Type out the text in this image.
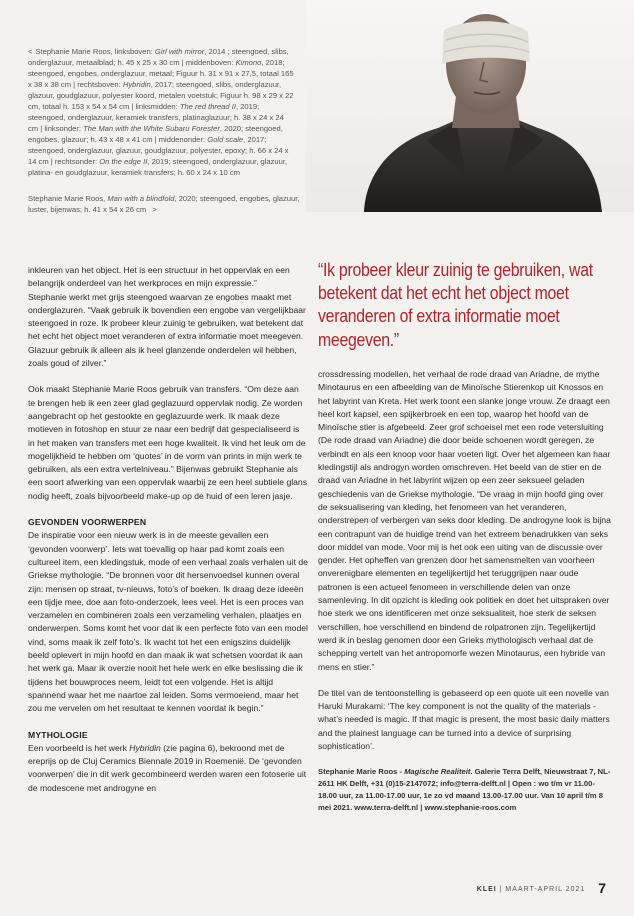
< Stephanie Marie Roos, linksboven: Girl with mirror, 2014 ; steengoed, slibs, onderglazuur, metaalblad; h. 45 x 25 x 30 cm | middenboven: Kimono, 2018; steengoed, engobes, onderglazuur, metaal; Figuur h. 31 x 91 x 27,5, totaal 165 x 38 x 38 cm | rechtsboven: Hybridin, 2017; steengoed, slibs, onderglazuur, glazuur, goudglazuur, polyester koord, metalen voetstuk; Figuur h. 98 x 29 x 22 cm, totaal h. 153 x 54 x 54 cm | linksmidden: The red thread II, 2019; steengoed, onderglazuur, keramiek transfers, platinaglazuur; h. 38 x 24 x 24 cm | linksonder: The Man with the White Subaru Forester, 2020; steengoed, engobes, glazuur; h. 43 x 48 x 41 cm | middenonder: Gold scale, 2017; steengoed, onderglazuur, glazuur, goudglazuur, polyester, epoxy; h. 66 x 24 x 14 cm | rechtsonder: On the edge II, 2019; steengoed, onderglazuur, glazuur, platina- en goudglazuur, keramiek transfers; h. 60 x 24 x 10 cm
Stephanie Marie Roos, Man with a blindfold, 2020; steengoed, engobes, glazuur, luster, bijenwas; h. 41 x 54 x 26 cm >

inkleuren van het object. Het is een structuur in het oppervlak en een belangrijk onderdeel van het werkproces en mijn expressie.”

Stephanie werkt met grijs steengoed waarvan ze engobes maakt met onderglazuren. “Vaak gebruik ik bovendien een engobe van vergelijkbaar steengoed in roze. Ik probeer kleur zuinig te gebruiken, wat betekent dat het echt het object moet veranderen of extra informatie moet meegeven. Glazuur gebruik ik alleen als ik heel glanzende onderdelen wil hebben, zoals goud of zilver.”

Ook maakt Stephanie Marie Roos gebruik van transfers. “Om deze aan te brengen heb ik een zeer glad geglazuurd oppervlak nodig. Ze worden aangebracht op het gestookte en geglazuurde werk. Ik maak deze motieven in fotoshop en stuur ze naar een bedrijf dat gespecialiseerd is in het maken van transfers met een hoge kwaliteit. Ik vind het leuk om de mogelijkheid te hebben om ‘quotes’ in de vorm van prints in mijn werk te gebruiken, als een extra vertelniveau.” Bijenwas gebruikt Stephanie als een soort afwerking van een oppervlak waarbij ze een heel subtiele glans nodig heeft, zoals bijvoorbeeld make-up op de huid of een leren jasje.

GEVONDEN VOORWERPEN

De inspiratie voor een nieuw werk is in de meeste gevallen een ‘gevonden voorwerp’. Iets wat toevallig op haar pad komt zoals een cultureel item, een kledingstuk, mode of een verhaal zoals verhalen uit de Griekse mythologie. “De bronnen voor dit hersenvoedsel kunnen overal zijn: mensen op straat, tv-nieuws, foto’s of boeken. Ik draag deze ideeën een tijdje mee, doe aan foto-onderzoek, lees veel. Het is een proces van verzamelen en combineren zoals een verzameling verhalen, plaatjes en onderwerpen. Soms komt het voor dat ik een perfecte foto van een model vind, soms maak ik zelf foto’s. Ik wacht tot het een enigszins duidelijk beeld oplevert in mijn hoofd en dan maak ik wat schetsen voordat ik aan het werk ga. Maar ik overzie nooit het hele werk en elke beslissing die ik tijdens het bouwproces neem, leidt tot een volgende. Het is altijd spannend waar het me naartoe zal leiden. Soms vermoeiend, maar het zou me vervelen om het resultaat te kennen voordat ik begin.”

MYTHOLOGIE

Een voorbeeld is het werk Hybridin (zie pagina 6), bekroond met de ereprijs op de Cluj Ceramics Biennale 2019 in Roemenië. De ‘gevonden voorwerpen’ die in dit werk gecombineerd werden waren een fotoserie uit de modescene met androgyne en

“Ik probeer kleur zuinig te gebruiken, wat betekent dat het echt het object moet veranderen of extra informatie moet meegeven.”

crossdressing modellen, het verhaal de rode draad van Ariadne, de mythe Minotaurus en een afbeelding van de Minoïsche Stierenkop uit Knossos en het labyrint van Kreta. Het werk toont een slanke jonge vrouw. Ze draagt een heel kort kapsel, een spijkerbroek en een top, waarop het hoofd van de Minoïsche stier is afgebeeld. Zeer grof schoeisel met een rode vetersluiting (De rode draad van Ariadne) die door beide schoenen wordt geregen, ze verbindt en als een knoop voor haar voeten ligt. Over het algemeen kan haar kledingstijl als androgyn worden omschreven. Het beeld van de stier en de draad van Ariadne in het labyrint wijzen op een zeer seksueel geladen geschiedenis van de Griekse mythologie. “De vraag in mijn hoofd ging over de seksualisering van kleding, het fenomeen van het veranderen, onderstrepen of verbergen van seks door kleding. De androgyne look is bijna een contrapunt van de huidige trend van het extreem benadrukken van seks door middel van mode. Voor mij is het ook een uiting van de discussie over gender. Het opheffen van grenzen door het samensmelten van voorheen onverenigbare elementen en tegelijkertijd het teruggrijpen naar oude patronen is een actueel fenomeen in verschillende delen van onze samenleving. In dit opzicht is kleding ook politiek en doet het uitspraken over hoe sterk we ons identificeren met onze seksualiteit, hoe sterk de seksen verschillen, hoe verschillend en bindend de rolpatronen zijn. Tegelijkertijd werd ik in beslag genomen door een Grieks mythologisch verhaal dat de schepping vertelt van het antropomorfe wezen Minotaurus, een hybride van mens en stier.”

De titel van de tentoonstelling is gebaseerd op een quote uit een novelle van Haruki Murakami: ‘The key component is not the quality of the materials - what’s needed is magic. If that magic is present, the most basic daily matters and the plainest language can be turned into a device of surprising sophistication’.

Stephanie Marie Roos - Magische Realiteit. Galerie Terra Delft, Nieuwstraat 7, NL-2611 HK Delft, +31 (0)15-2147072; info@terra-delft.nl | Open : wo t/m vr 11.00-18.00 uur, za 11.00-17.00 uur, 1e zo vd maand 13.00-17.00 uur. Van 10 april t/m 8 mei 2021. www.terra-delft.nl | www.stephanie-roos.com
KLEI | MAART-APRIL 2021 7
